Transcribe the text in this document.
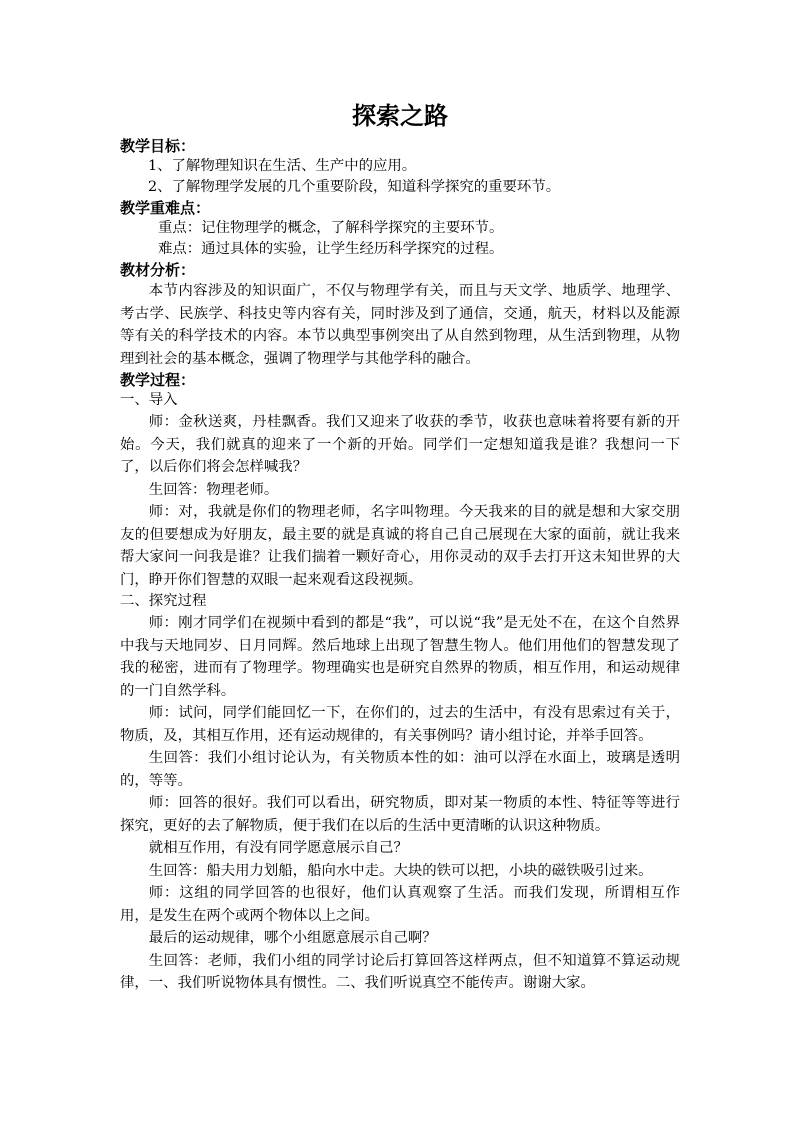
探索之路

教学目标：

1、了解物理知识在生活、生产中的应用。

2、了解物理学发展的几个重要阶段，知道科学探究的重要环节。

教学重难点：

重点：记住物理学的概念，了解科学探究的主要环节。

难点：通过具体的实验，让学生经历科学探究的过程。

教材分析：

本节内容涉及的知识面广，不仅与物理学有关，而且与天文学、地质学、地理学、考古学、民族学、科技史等内容有关，同时涉及到了通信，交通，航天，材料以及能源等有关的科学技术的内容。本节以典型事例突出了从自然到物理，从生活到物理，从物理到社会的基本概念，强调了物理学与其他学科的融合。

教学过程：

一、导入

师：金秋送爽，丹桂飘香。我们又迎来了收获的季节，收获也意味着将要有新的开始。今天，我们就真的迎来了一个新的开始。同学们一定想知道我是谁？我想问一下了，以后你们将会怎样喊我？

生回答：物理老师。

师：对，我就是你们的物理老师，名字叫物理。今天我来的目的就是想和大家交朋友的但要想成为好朋友，最主要的就是真诚的将自己自己展现在大家的面前，就让我来帮大家问一问我是谁？让我们揣着一颗好奇心，用你灵动的双手去打开这未知世界的大门，睁开你们智慧的双眼一起来观看这段视频。

二、探究过程

师：刚才同学们在视频中看到的都是“我”，可以说“我”是无处不在，在这个自然界中我与天地同岁、日月同辉。然后地球上出现了智慧生物人。他们用他们的智慧发现了我的秘密，进而有了物理学。物理确实也是研究自然界的物质，相互作用，和运动规律的一门自然学科。

师：试问，同学们能回忆一下，在你们的，过去的生活中，有没有思索过有关于，物质，及，其相互作用，还有运动规律的，有关事例吗？请小组讨论，并举手回答。

生回答：我们小组讨论认为，有关物质本性的如：油可以浮在水面上，玻璃是透明的，等等。

师：回答的很好。我们可以看出，研究物质，即对某一物质的本性、特征等等进行探究，更好的去了解物质，便于我们在以后的生活中更清晰的认识这种物质。

就相互作用，有没有同学愿意展示自己？

生回答：船夫用力划船，船向水中走。大块的铁可以把，小块的磁铁吸引过来。

师：这组的同学回答的也很好，他们认真观察了生活。而我们发现，所谓相互作用，是发生在两个或两个物体以上之间。

最后的运动规律，哪个小组愿意展示自己啊？

生回答：老师，我们小组的同学讨论后打算回答这样两点，但不知道算不算运动规律，一、我们听说物体具有惯性。二、我们听说真空不能传声。谢谢大家。
